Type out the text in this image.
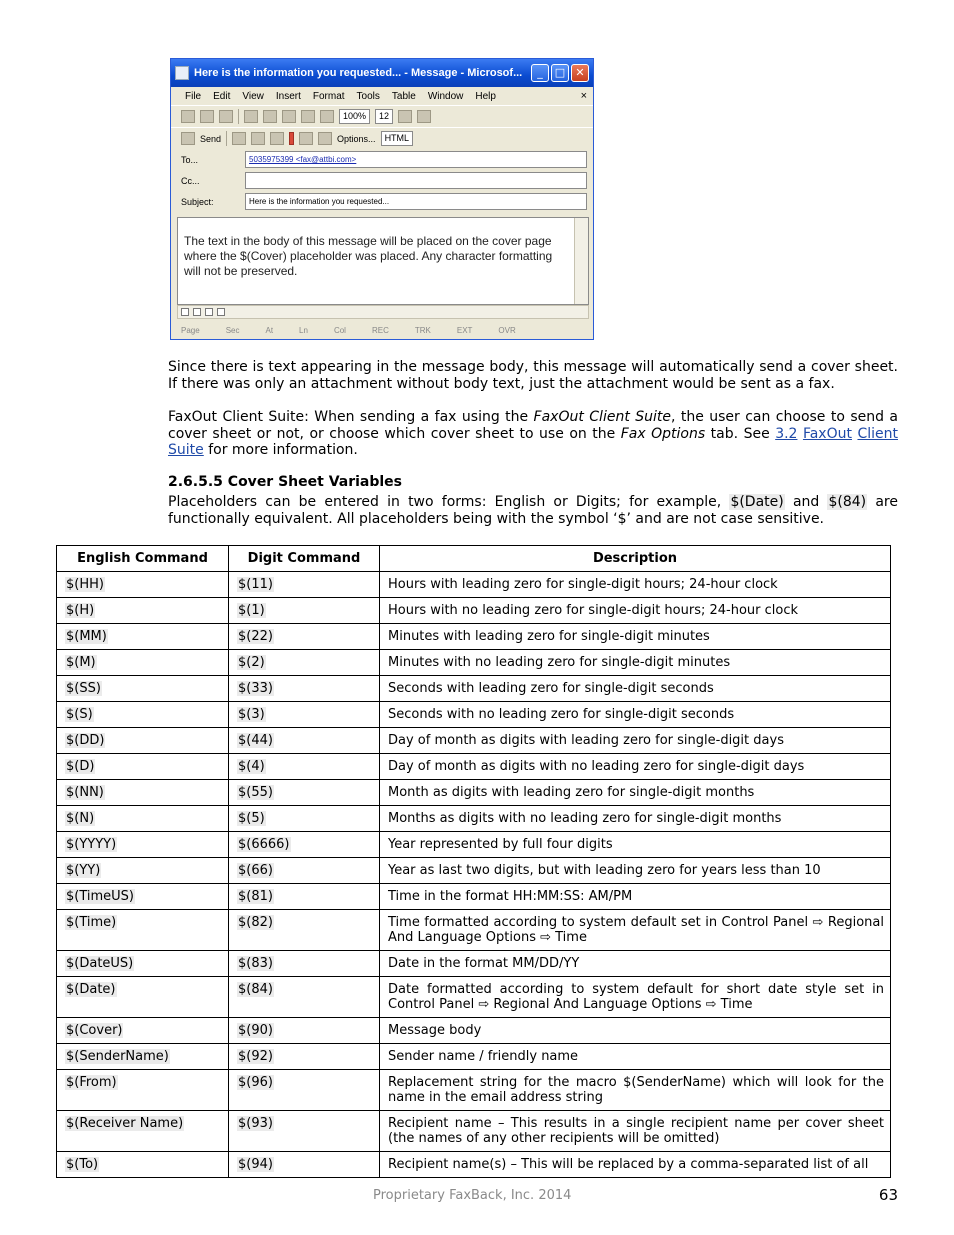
Here is the information you requested... - Message - Microsof...	_	□ ✕
File Edit View Insert Format Tools Table Window Help	×
100%	12
Send	Options...	HTML
To...	5035975399 <fax@attbi.com>
Cc...
Subject:	Here is the information you requested...
The text in the body of this message will be placed on the cover page where the $(Cover) placeholder was placed. Any character formatting will not be preserved.
Page	Sec	At	Ln	Col	REC	TRK	EXT	OVR

Since there is text appearing in the message body, this message will automatically send a cover sheet. If there was only an attachment without body text, just the attachment would be sent as a fax.

FaxOut Client Suite: When sending a fax using the FaxOut Client Suite, the user can choose to send a cover sheet or not, or choose which cover sheet to use on the Fax Options tab. See 3.2 FaxOut Client Suite for more information.

2.6.5.5 Cover Sheet Variables

Placeholders can be entered in two forms: English or Digits; for example, $(Date) and $(84) are functionally equivalent. All placeholders being with the symbol ‘$’ and are not case sensitive.

English Command	Digit Command	Description
$(HH)	$(11)	Hours with leading zero for single-digit hours; 24-hour clock
$(H)	$(1)	Hours with no leading zero for single-digit hours; 24-hour clock
$(MM)	$(22)	Minutes with leading zero for single-digit minutes
$(M)	$(2)	Minutes with no leading zero for single-digit minutes
$(SS)	$(33)	Seconds with leading zero for single-digit seconds
$(S)	$(3)	Seconds with no leading zero for single-digit seconds
$(DD)	$(44)	Day of month as digits with leading zero for single-digit days
$(D)	$(4)	Day of month as digits with no leading zero for single-digit days
$(NN)	$(55)	Month as digits with leading zero for single-digit months
$(N)	$(5)	Months as digits with no leading zero for single-digit months
$(YYYY)	$(6666)	Year represented by full four digits
$(YY)	$(66)	Year as last two digits, but with leading zero for years less than 10
$(TimeUS)	$(81)	Time in the format HH:MM:SS: AM/PM
$(Time)	$(82)	Time formatted according to system default set in Control Panel ⇨ Regional And Language Options ⇨ Time
$(DateUS)	$(83)	Date in the format MM/DD/YY
$(Date)	$(84)	Date formatted according to system default for short date style set in Control Panel ⇨ Regional And Language Options ⇨ Time
$(Cover)	$(90)	Message body
$(SenderName)	$(92)	Sender name / friendly name
$(From)	$(96)	Replacement string for the macro $(SenderName) which will look for the name in the email address string
$(Receiver Name)	$(93)	Recipient name – This results in a single recipient name per cover sheet (the names of any other recipients will be omitted)
$(To)	$(94)	Recipient name(s) – This will be replaced by a comma-separated list of all
Proprietary FaxBack, Inc. 2014	63
